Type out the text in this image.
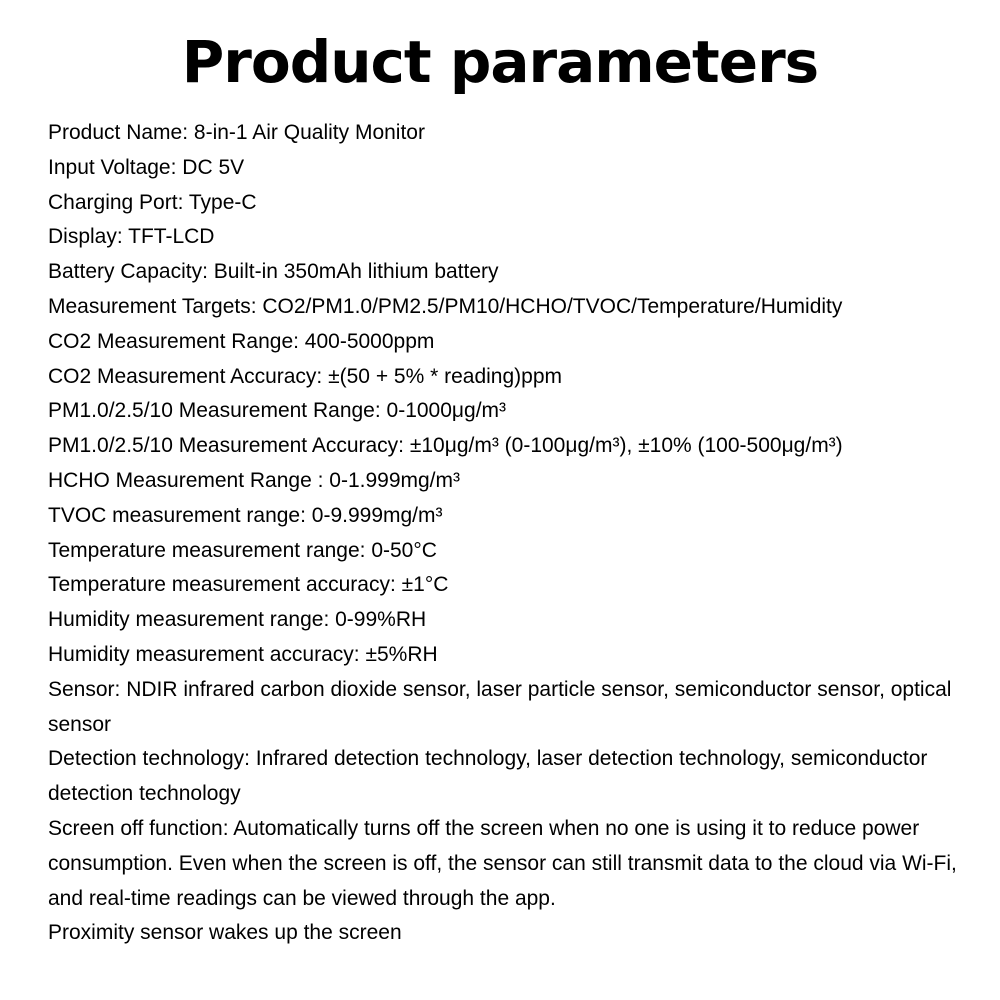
Product parameters
Product Name: 8-in-1 Air Quality Monitor
Input Voltage: DC 5V
Charging Port: Type-C
Display: TFT-LCD
Battery Capacity: Built-in 350mAh lithium battery
Measurement Targets: CO2/PM1.0/PM2.5/PM10/HCHO/TVOC/Temperature/Humidity
CO2 Measurement Range: 400-5000ppm
CO2 Measurement Accuracy: ±(50 + 5% * reading)ppm
PM1.0/2.5/10 Measurement Range: 0-1000μg/m³
PM1.0/2.5/10 Measurement Accuracy: ±10μg/m³ (0-100μg/m³), ±10% (100-500μg/m³)
HCHO Measurement Range : 0-1.999mg/m³
TVOC measurement range: 0-9.999mg/m³
Temperature measurement range: 0-50°C
Temperature measurement accuracy: ±1°C
Humidity measurement range: 0-99%RH
Humidity measurement accuracy: ±5%RH
Sensor: NDIR infrared carbon dioxide sensor, laser particle sensor, semiconductor sensor, optical sensor
Detection technology: Infrared detection technology, laser detection technology, semiconductor detection technology
Screen off function: Automatically turns off the screen when no one is using it to reduce power consumption. Even when the screen is off, the sensor can still transmit data to the cloud via Wi-Fi, and real-time readings can be viewed through the app.
Proximity sensor wakes up the screen
